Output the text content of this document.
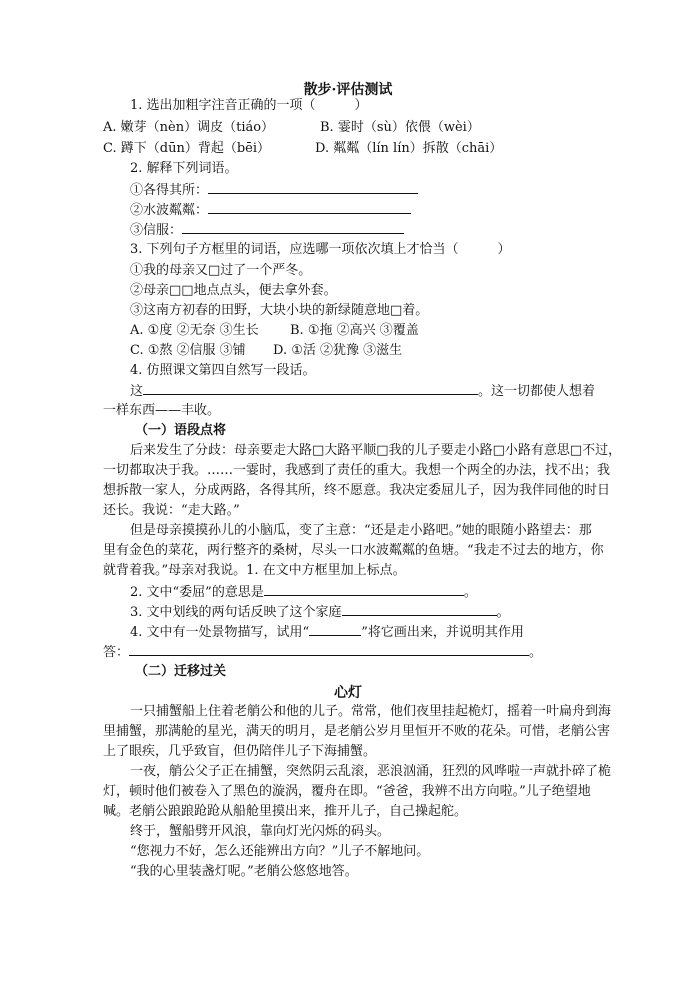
散步·评估测试
1. 选出加粗字注音正确的一项（　　　）
A. 嫩芽（nèn）调皮（tiáo）	B. 霎时（sù）依偎（wèi）
C. 蹲下（dūn）背起（bēi）	D. 粼粼（lín lín）拆散（chāi）
2. 解释下列词语。
①各得其所：
②水波粼粼：
③信服：
3. 下列句子方框里的词语，应选哪一项依次填上才恰当（　　　）
①我的母亲又□过了一个严冬。
②母亲□□地点点头，便去拿外套。
③这南方初春的田野，大块小块的新绿随意地□着。
A. ①度 ②无奈 ③生长 B. ①拖 ②高兴 ③覆盖
C. ①熬 ②信服 ③铺 D. ①活 ②犹豫 ③滋生
4. 仿照课文第四自然写一段话。
这	。这一切都使人想着
一样东西——丰收。
（一）语段点将
后来发生了分歧：母亲要走大路□大路平顺□我的儿子要走小路□小路有意思□不过，
一切都取决于我。……一霎时，我感到了责任的重大。我想一个两全的办法，找不出；我
想拆散一家人，分成两路，各得其所，终不愿意。我决定委屈儿子，因为我伴同他的时日
还长。我说：“走大路。”
但是母亲摸摸孙儿的小脑瓜，变了主意：“还是走小路吧。”她的眼随小路望去：那
里有金色的菜花，两行整齐的桑树，尽头一口水波粼粼的鱼塘。“我走不过去的地方，你
就背着我。”母亲对我说。1. 在文中方框里加上标点。
2. 文中“委屈”的意思是	。
3. 文中划线的两句话反映了这个家庭	。
4. 文中有一处景物描写，试用“	”将它画出来，并说明其作用
答：	。
（二）迁移过关
心灯
一只捕蟹船上住着老艄公和他的儿子。常常，他们夜里挂起桅灯，摇着一叶扁舟到海
里捕蟹，那满舱的星光，满天的明月，是老艄公岁月里恒开不败的花朵。可惜，老艄公害
上了眼疾，几乎致盲，但仍陪伴儿子下海捕蟹。
一夜，艄公父子正在捕蟹，突然阴云乱滚，恶浪汹涌，狂烈的风哗啦一声就扑碎了桅
灯，顿时他们被卷入了黑色的漩涡，覆舟在即。“爸爸，我辨不出方向啦。”儿子绝望地
喊。老艄公踉踉跄跄从船舱里摸出来，推开儿子，自己操起舵。
终于，蟹船劈开风浪，靠向灯光闪烁的码头。
“您视力不好，怎么还能辨出方向？”儿子不解地问。
“我的心里装盏灯呢。”老艄公悠悠地答。
